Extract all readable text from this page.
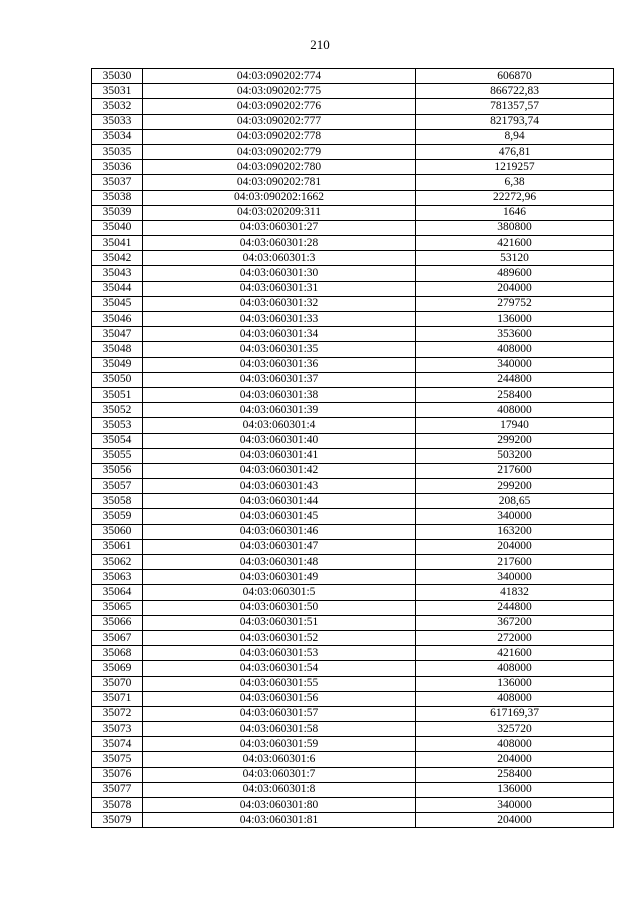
210
35030	04:03:090202:774	606870
35031	04:03:090202:775	866722,83
35032	04:03:090202:776	781357,57
35033	04:03:090202:777	821793,74
35034	04:03:090202:778	8,94
35035	04:03:090202:779	476,81
35036	04:03:090202:780	1219257
35037	04:03:090202:781	6,38
35038	04:03:090202:1662	22272,96
35039	04:03:020209:311	1646
35040	04:03:060301:27	380800
35041	04:03:060301:28	421600
35042	04:03:060301:3	53120
35043	04:03:060301:30	489600
35044	04:03:060301:31	204000
35045	04:03:060301:32	279752
35046	04:03:060301:33	136000
35047	04:03:060301:34	353600
35048	04:03:060301:35	408000
35049	04:03:060301:36	340000
35050	04:03:060301:37	244800
35051	04:03:060301:38	258400
35052	04:03:060301:39	408000
35053	04:03:060301:4	17940
35054	04:03:060301:40	299200
35055	04:03:060301:41	503200
35056	04:03:060301:42	217600
35057	04:03:060301:43	299200
35058	04:03:060301:44	208,65
35059	04:03:060301:45	340000
35060	04:03:060301:46	163200
35061	04:03:060301:47	204000
35062	04:03:060301:48	217600
35063	04:03:060301:49	340000
35064	04:03:060301:5	41832
35065	04:03:060301:50	244800
35066	04:03:060301:51	367200
35067	04:03:060301:52	272000
35068	04:03:060301:53	421600
35069	04:03:060301:54	408000
35070	04:03:060301:55	136000
35071	04:03:060301:56	408000
35072	04:03:060301:57	617169,37
35073	04:03:060301:58	325720
35074	04:03:060301:59	408000
35075	04:03:060301:6	204000
35076	04:03:060301:7	258400
35077	04:03:060301:8	136000
35078	04:03:060301:80	340000
35079	04:03:060301:81	204000
